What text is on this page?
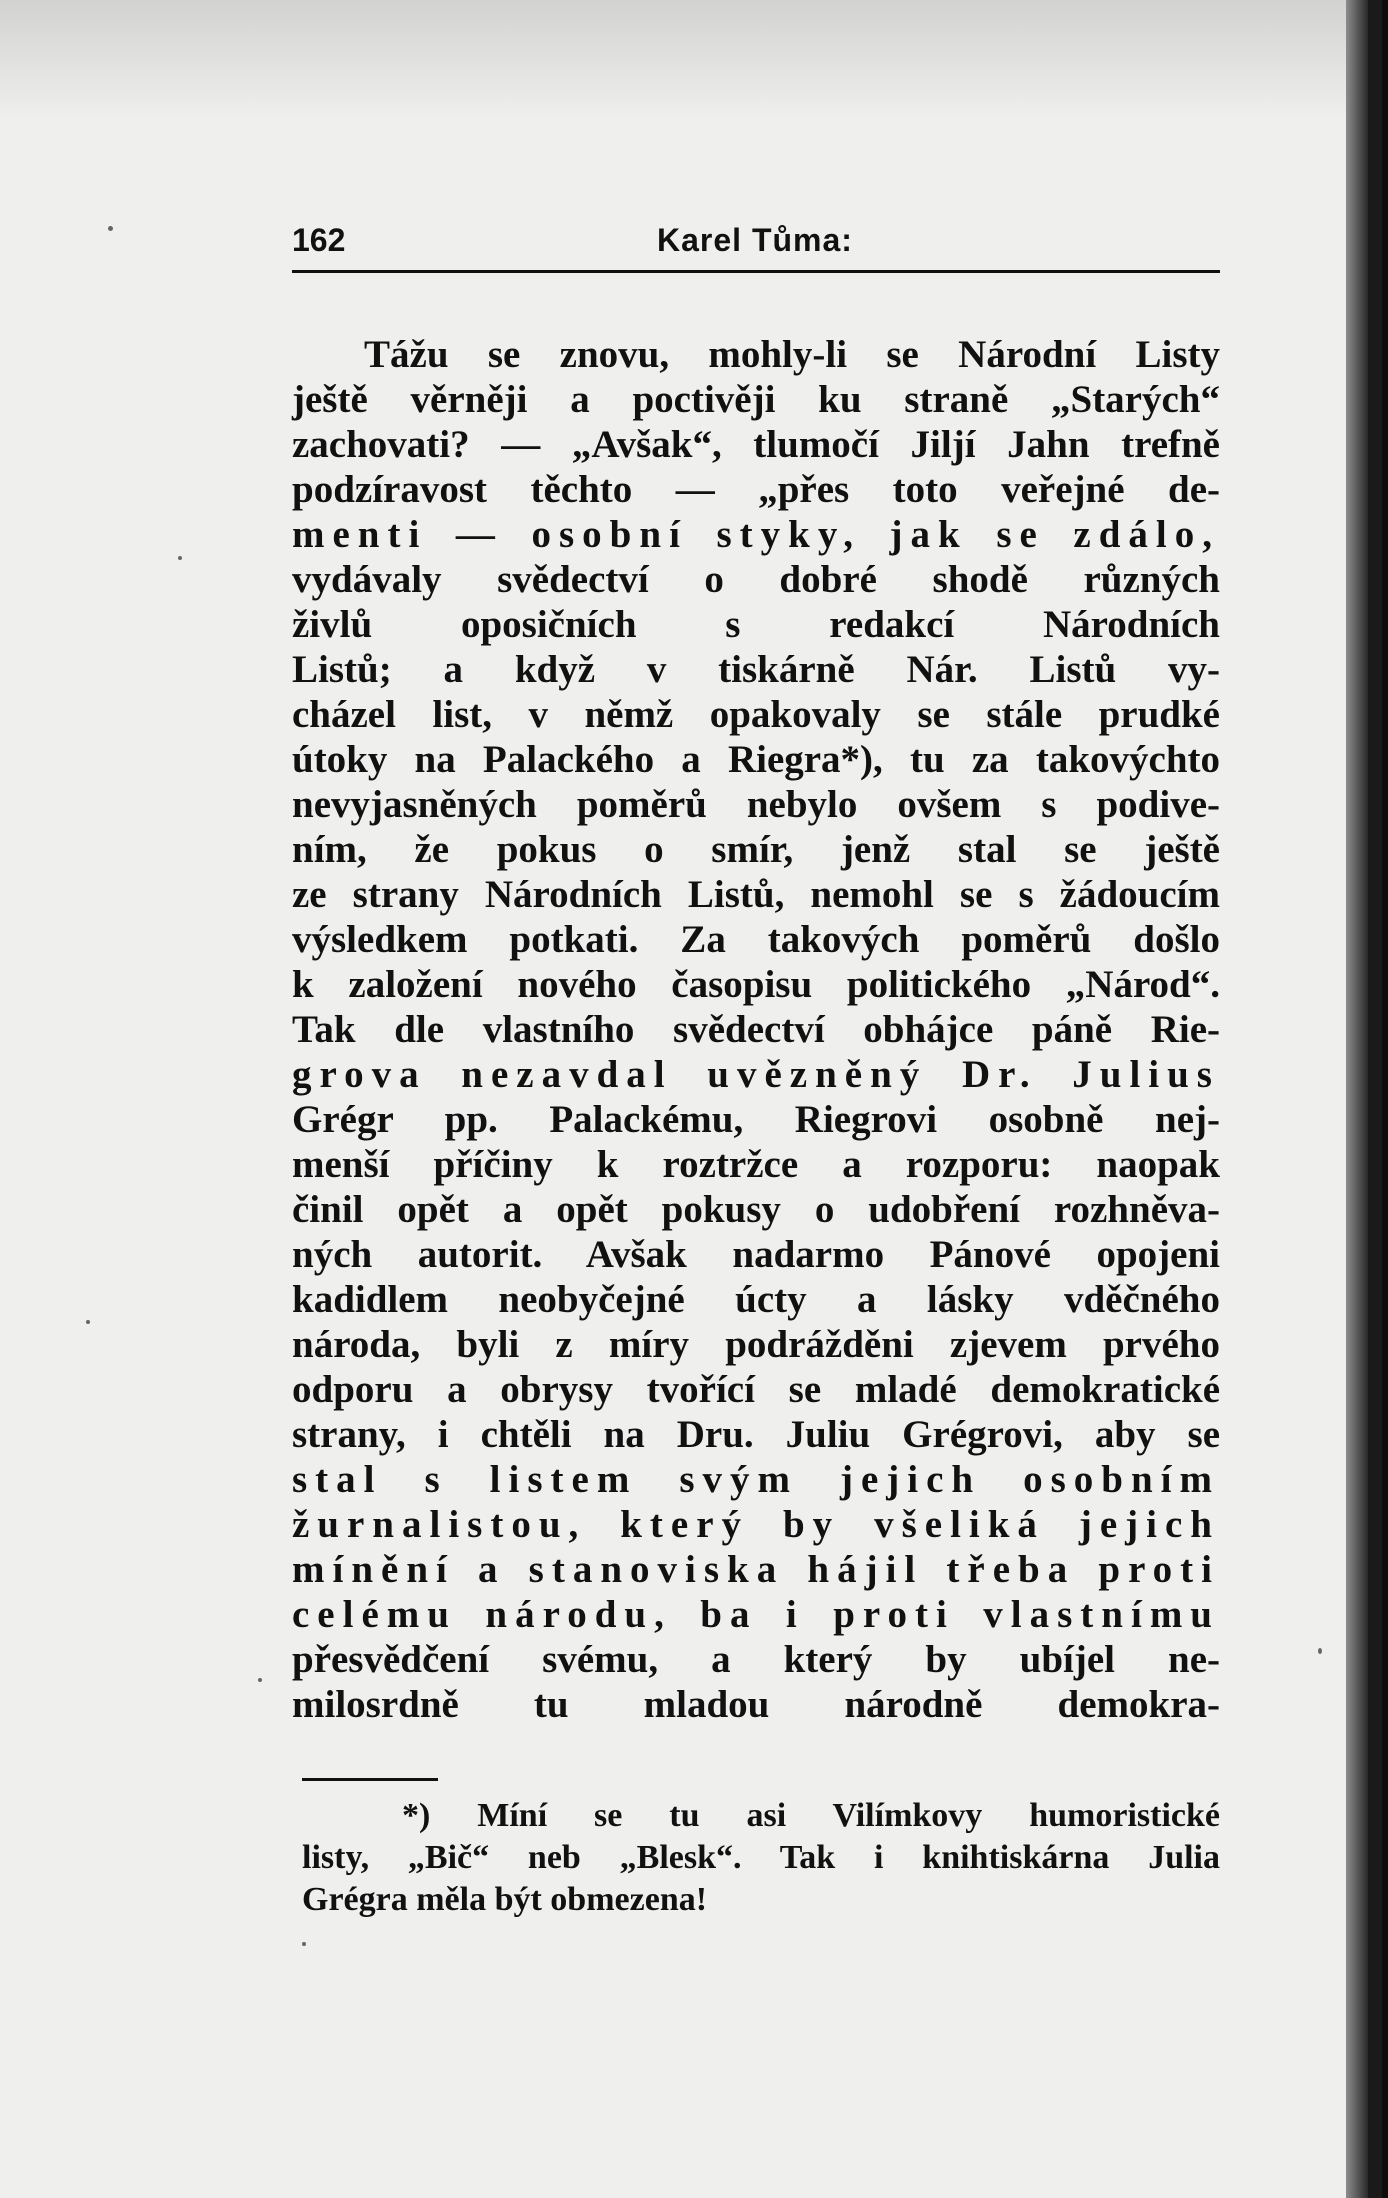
162	Karel Tůma:
Tážu se znovu, mohly-li se Národní Listy
ještě věrněji a poctivěji ku straně „Starých“
zachovati? — „Avšak“, tlumočí Jiljí Jahn trefně
podzíravost těchto — „přes toto veřejné de-
menti — osobní styky, jak se zdálo,
vydávaly svědectví o dobré shodě různých
živlů oposičních s redakcí Národních
Listů; a když v tiskárně Nár. Listů vy-
cházel list, v němž opakovaly se stále prudké
útoky na Palackého a Riegra*), tu za takovýchto
nevyjasněných poměrů nebylo ovšem s podive-
ním, že pokus o smír, jenž stal se ještě
ze strany Národních Listů, nemohl se s žádoucím
výsledkem potkati. Za takových poměrů došlo
k založení nového časopisu politického „Národ“.
Tak dle vlastního svědectví obhájce páně Rie-
grova nezavdal uvězněný Dr. Julius
Grégr pp. Palackému, Riegrovi osobně nej-
menší příčiny k roztržce a rozporu: naopak
činil opět a opět pokusy o udobření rozhněva-
ných autorit. Avšak nadarmo Pánové opojeni
kadidlem neobyčejné úcty a lásky vděčného
národa, byli z míry podrážděni zjevem prvého
odporu a obrysy tvořící se mladé demokratické
strany, i chtěli na Dru. Juliu Grégrovi, aby se
stal s listem svým jejich osobním
žurnalistou, který by všeliká jejich
mínění a stanoviska hájil třeba proti
celému národu, ba i proti vlastnímu
přesvědčení svému, a který by ubíjel ne-
milosrdně tu mladou národně demokra-
*) Míní se tu asi Vilímkovy humoristické
listy, „Bič“ neb „Blesk“. Tak i knihtiskárna Julia
Grégra měla být obmezena!
